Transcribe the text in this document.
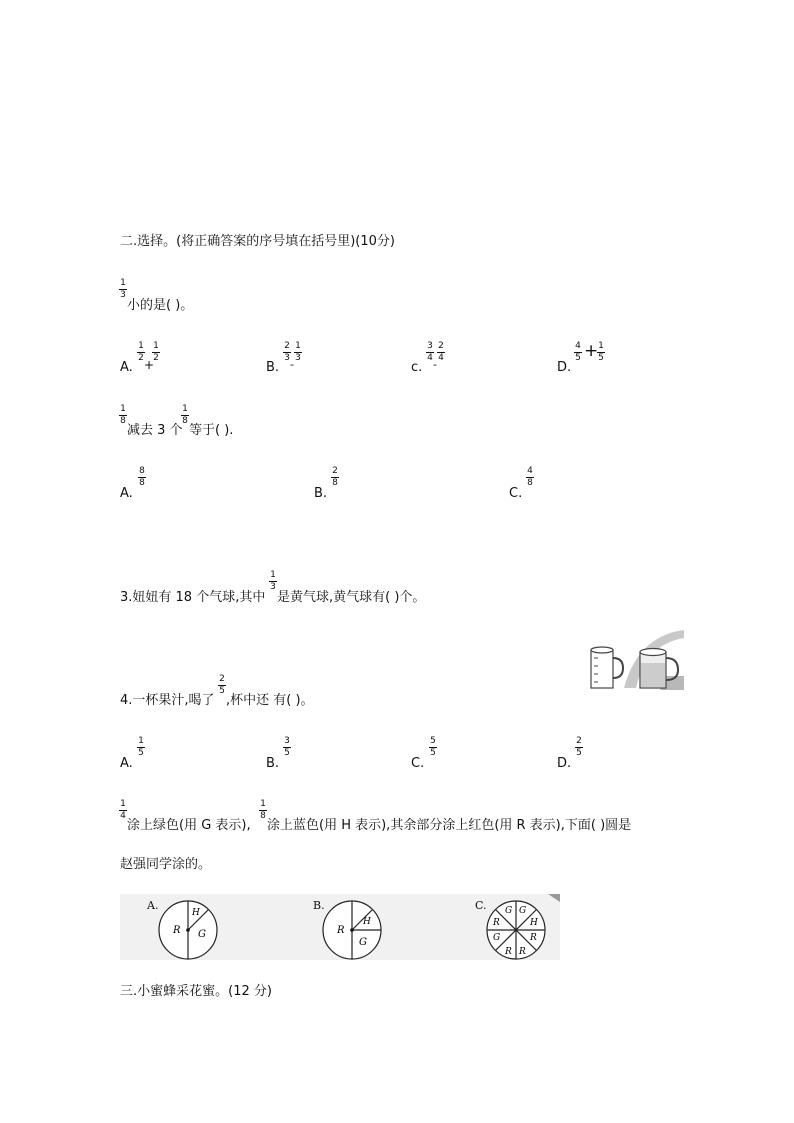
二.选择。(将正确答案的序号填在括号里)(10分)
1
3
小的是( )。
A.
1
2 +
1
2
B.
2
3 -
1
3
c.
3
4 -
2
4
D.
4
5 + 1
5
1
8
减去 3 个
1
8
等于( ).
A.
8
8
B.
2
8
C.
4
8
3.妞妞有 18 个气球,其中
1
3
是黄气球,黄气球有( )个。
4.一杯果汁,喝了
2
5
,杯中还 有( )。
A.
1
5
B.
3
5
C.
5
5
D.
2
5
1
4
涂上绿色(用 G 表示),
1
8
涂上蓝色(用 H 表示),其余部分涂上红色(用 R 表示),下面( )圆是
赵强同学涂的。
A.
R
H
G
B.
R
H
G
C. G G
H
R
R
R
G
R
三.小蜜蜂采花蜜。(12 分)
